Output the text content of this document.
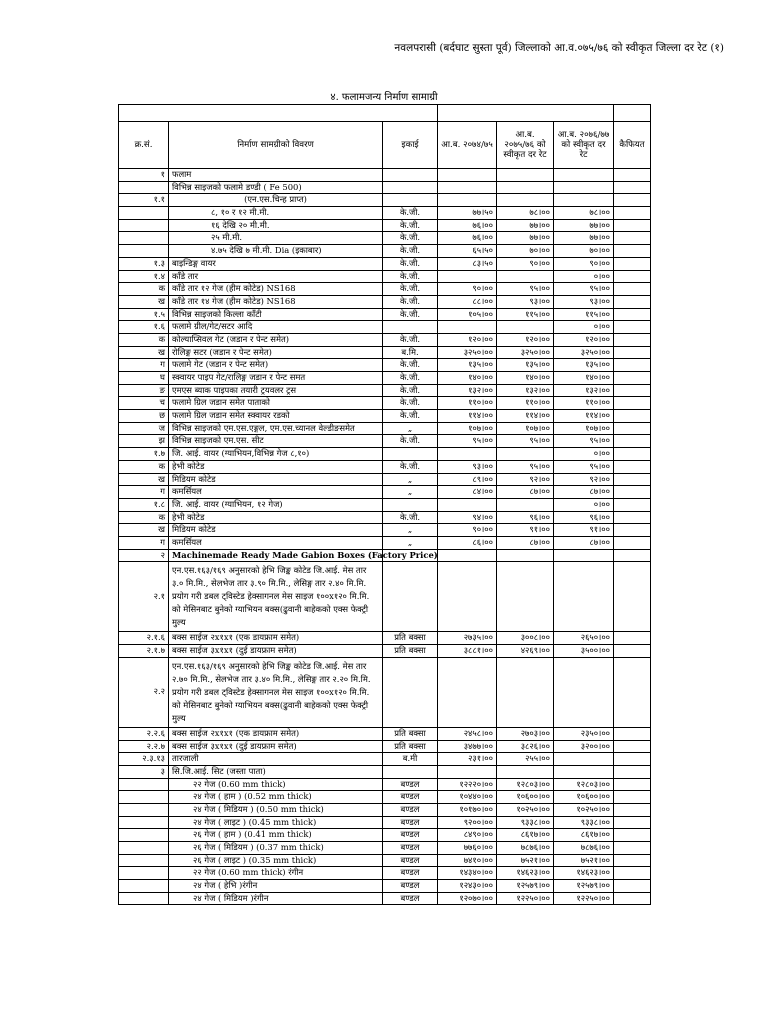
नवलपरासी (बर्दघाट सुस्ता पूर्व) जिल्लाको आ.व.०७५/७६ को स्वीकृत जिल्ला दर रेट (१)
४. फलामजन्य निर्माण सामाग्री

क्र.सं.	निर्माण सामग्रीको विवरण	इकाई	आ.ब. २०७४/७५	आ.ब. २०७५/७६ को स्वीकृत दर रेट	आ.ब. २०७६/७७ को स्वीकृत दर रेट	कैफियत
१	फलाम					
	विभिन्न साइजको फलामे डण्डी ( Fe 500)					
१.१	(एन.एस.चिन्ह प्राप्त)					
	८, १० र १२ मी.मी.	के.जी.	७७।५०	७८।००	७८।००	
	१६ देखि २० मी.मी.	के.जी.	७६।००	७७।००	७७।००	
	२५ मी.मी.	के.जी.	७६।००	७७।००	७७।००	
	४.७५ देखि ७ मी.मी. Dia (इकाबार)	के.जी.	६५।५०	७०।००	७०।००	
१.३	बाइन्डिङ्ग वायर	के.जी.	८३।५०	९०।००	९०।००	
१.४	काँडे तार	के.जी.			०।००	
क	काँडे तार १२ गेज (हीम कोटेड) NS168	के.जी.	९०।००	९५।००	९५।००	
ख	काँडे तार १४ गेज (हीम कोटेड) NS168	के.जी.	८८।००	९३।००	९३।००	
१.५	विभिन्न साइजको किल्ला काँटी	के.जी.	१०५।००	११५।००	११५।००	
१.६	फलामे ग्रील/गेट/सटर आदि				०।००	
क	कोल्याप्सिवल गेट (जडान र पेन्ट समेत)	के.जी.	१२०।००	१२०।००	१२०।००	
ख	रोलिङ्ग सटर (जडान र पेन्ट समेत)	ब.मि.	३२५०।००	३२५०।००	३२५०।००	
ग	फलामे गेट (जडान र पेन्ट समेत)	के.जी.	१३५।००	१३५।००	१३५।००	
घ	स्क्वायर पाइप गेट/रालिङ्ग जडान र पेन्ट समत	के.जी.	१४०।००	१४०।००	१४०।००	
ङ	एमएस ब्याक पाइपका तयारी ट्रयवलर ट्रस	के.जी.	१३२।००	१३२।००	१३२।००	
च	फलामे ग्रिल जडान समेत पाताको	के.जी.	११०।००	११०।००	११०।००	
छ	फलामे ग्रिल जडान समेत स्क्वायर रडको	के.जी.	११४।००	११४।००	११४।००	
ज	विभिन्न साइजको एम.एस.एङ्गल, एम.एस.च्यानल वेल्डीङसमेत	„	१०७।००	१०७।००	१०७।००	
झ	विभिन्न साइजको एम.एस. सीट	के.जी.	९५।००	९५।००	९५।००	
१.७	जि. आई. वायर (ग्याभियन,विभिन्न गेज ८,१०)				०।००	
क	हेभी कोटेड	के.जी.	९३।००	९५।००	९५।००	
ख	मिडियम कोटेड	„	८९।००	९२।००	९२।००	
ग	कमर्सियल	„	८४।००	८७।००	८७।००	
१.८	जि. आई. वायर (ग्याभियन, १२ गेज)				०।००	
क	हेभी कोटेड	के.जी.	९४।००	९६।००	९६।००	
ख	मिडियम कोटेड	„	९०।००	९१।००	९१।००	
ग	कमर्सियल	„	८६।००	८७।००	८७।००	
२	Machinemade Ready Made Gabion Boxes (Factory Price)					
२.१	एन.एस.१६३/१६९ अनुसारको हेभि जिङ्क कोटेड जि.आई. मेस तार ३.० मि.मि., सेलभेज तार ३.९० मि.मि., लेसिङ्ग तार २.४० मि.मि. प्रयोग गरी डबल ट्विस्टेड हेक्सागनल मेस साइज १००x१२० मि.मि. को मेसिनबाट बुनेको ग्याभियन बक्स(ढुवानी बाहेकको एक्स फेक्ट्री मुल्य					
२.१.६	बक्स साईज २x१x१ (एक डायफ्राम समेत)	प्रति बक्सा	२७३५।००	३००८।००	२६५०।००	
२.१.७	बक्स साईज ३x१x१ (दुई डायफ्राम समेत)	प्रति बक्सा	३८८१।००	४२६९।००	३५००।००	
२.२	एन.एस.१६३/१६९ अनुसारको हेभि जिङ्क कोटेड जि.आई. मेस तार २.७० मि.मि., सेलभेज तार ३.४० मि.मि., लेसिङ्ग तार २.२० मि.मि. प्रयोग गरी डबल ट्विस्टेड हेक्सागनल मेस साइज १००x१२० मि.मि. को मेसिनबाट बुनेको ग्याभियन बक्स(ढुवानी बाहेकको एक्स फेक्ट्री मुल्य					
२.२.६	बक्स साईज २x१x१ (एक डायफ्राम समेत)	प्रति बक्सा	२४५८।००	२७०३।००	२३५०।००	
२.२.७	बक्स साईज ३x१x१ (दुई डायफ्राम समेत)	प्रति बक्सा	३४७७।००	३८२६।००	३२००।००	
२.३.१३	तारजाली	ब.मी	२३१।००	२५५।००		
३	सि.जि.आई. सिट (जस्ता पाता)					
	२२ गेज (0.60 mm thick)	बण्डल	१२२२०।००	१२८०३।००	१२८०३।००	
	२४ गेज ( हाम ) (0.52 mm thick)	बण्डल	१०४४०।००	१०६००।००	१०६००।००	
	२४ गेज ( मिडियम ) (0.50 mm thick)	बण्डल	१०१७०।००	१०२५०।००	१०२५०।००	
	२४ गेज ( लाइट ) (0.45 mm thick)	बण्डल	९२००।००	९३३८।००	९३३८।००	
	२६ गेज ( हाम ) (0.41 mm thick)	बण्डल	८४९०।००	८६१७।००	८६१७।००	
	२६ गेज ( मिडियम ) (0.37 mm thick)	बण्डल	७७६०।००	७८७६।००	७८७६।००	
	२६ गेज ( लाइट ) (0.35 mm thick)	बण्डल	७४१०।००	७५२१।००	७५२१।००	
	२२ गेज (0.60 mm thick) रंगीन	बण्डल	१४३४०।००	१४६२३।००	१४६२३।००	
	२४ गेज ( हेभि )रंगीन	बण्डल	१२४३०।००	१२५७९।००	१२५७९।००	
	२४ गेज ( मिडियम )रंगीन	बण्डल	१२०७०।००	१२२५०।००	१२२५०।००	
